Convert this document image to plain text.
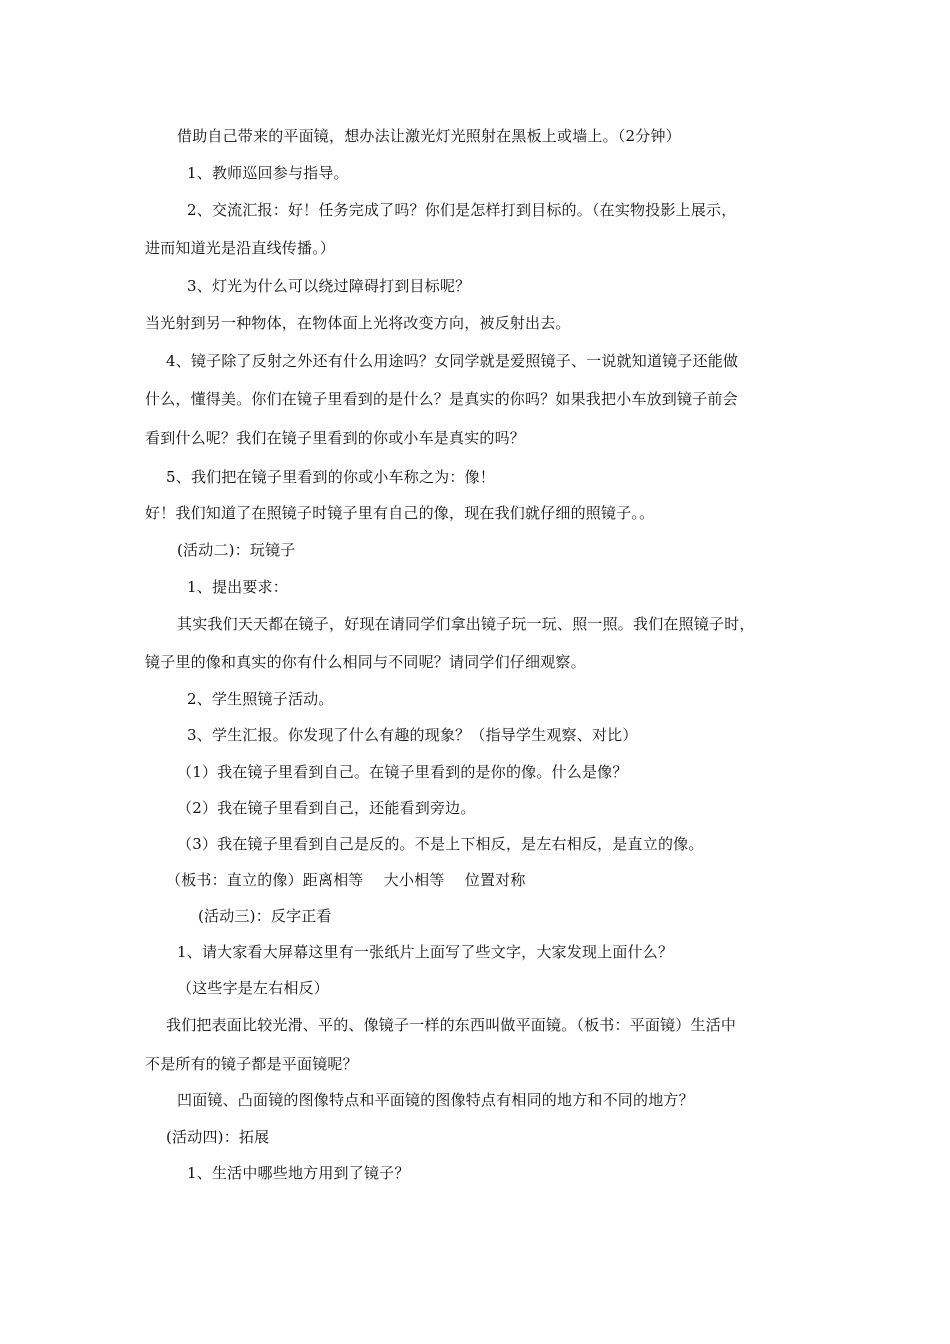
借助自己带来的平面镜，想办法让激光灯光照射在黑板上或墙上。（2分钟）
1、教师巡回参与指导。
2、交流汇报：好！任务完成了吗？你们是怎样打到目标的。（在实物投影上展示，
进而知道光是沿直线传播。）
3、灯光为什么可以绕过障碍打到目标呢？
当光射到另一种物体，在物体面上光将改变方向，被反射出去。
4、镜子除了反射之外还有什么用途吗？女同学就是爱照镜子、一说就知道镜子还能做
什么，懂得美。你们在镜子里看到的是什么？是真实的你吗？如果我把小车放到镜子前会
看到什么呢？我们在镜子里看到的你或小车是真实的吗？
5、我们把在镜子里看到的你或小车称之为：像！
好！我们知道了在照镜子时镜子里有自己的像，现在我们就仔细的照镜子。。
(活动二)：玩镜子
1、提出要求：
其实我们天天都在镜子，好现在请同学们拿出镜子玩一玩、照一照。我们在照镜子时，
镜子里的像和真实的你有什么相同与不同呢？请同学们仔细观察。
2、学生照镜子活动。
3、学生汇报。你发现了什么有趣的现象？（指导学生观察、对比）
（1）我在镜子里看到自己。在镜子里看到的是你的像。什么是像？
（2）我在镜子里看到自己，还能看到旁边。
（3）我在镜子里看到自己是反的。不是上下相反，是左右相反，是直立的像。
（板书：直立的像）距离相等　 大小相等　 位置对称
(活动三)：反字正看
1、请大家看大屏幕这里有一张纸片上面写了些文字，大家发现上面什么？
（这些字是左右相反）
我们把表面比较光滑、平的、像镜子一样的东西叫做平面镜。（板书：平面镜）生活中
不是所有的镜子都是平面镜呢？
凹面镜、凸面镜的图像特点和平面镜的图像特点有相同的地方和不同的地方？
(活动四)：拓展
1、生活中哪些地方用到了镜子？
